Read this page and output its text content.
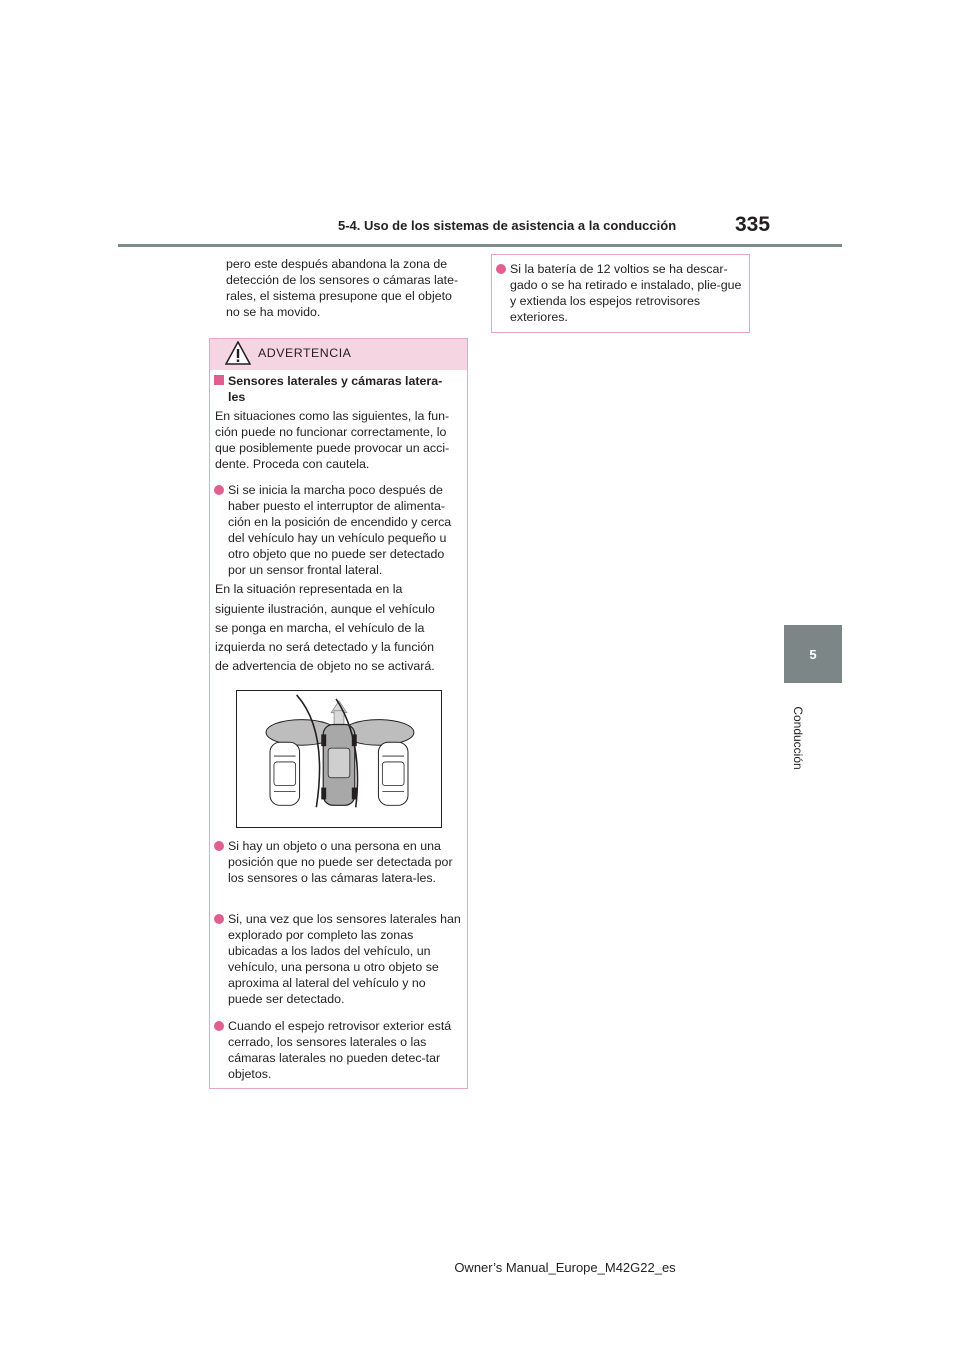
5-4. Uso de los sistemas de asistencia a la conducción	335
5
Conducción
pero este después abandona la zona de detección de los sensores o cámaras late-rales, el sistema presupone que el objeto no se ha movido.
ADVERTENCIA
Sensores laterales y cámaras latera-les
En situaciones como las siguientes, la fun-ción puede no funcionar correctamente, lo que posiblemente puede provocar un acci-dente. Proceda con cautela.
Si se inicia la marcha poco después de haber puesto el interruptor de alimenta-ción en la posición de encendido y cerca del vehículo hay un vehículo pequeño u otro objeto que no puede ser detectado por un sensor frontal lateral.
En la situación representada en la
siguiente ilustración, aunque el vehículo
se ponga en marcha, el vehículo de la
izquierda no será detectado y la función
de advertencia de objeto no se activará.
Si hay un objeto o una persona en una posición que no puede ser detectada por los sensores o las cámaras latera-les.
Si, una vez que los sensores laterales han explorado por completo las zonas ubicadas a los lados del vehículo, un vehículo, una persona u otro objeto se aproxima al lateral del vehículo y no puede ser detectado.
Cuando el espejo retrovisor exterior está cerrado, los sensores laterales o las cámaras laterales no pueden detec-tar objetos.
Si la batería de 12 voltios se ha descar-gado o se ha retirado e instalado, plie-gue y extienda los espejos retrovisores exteriores.
Owner’s Manual_Europe_M42G22_es
